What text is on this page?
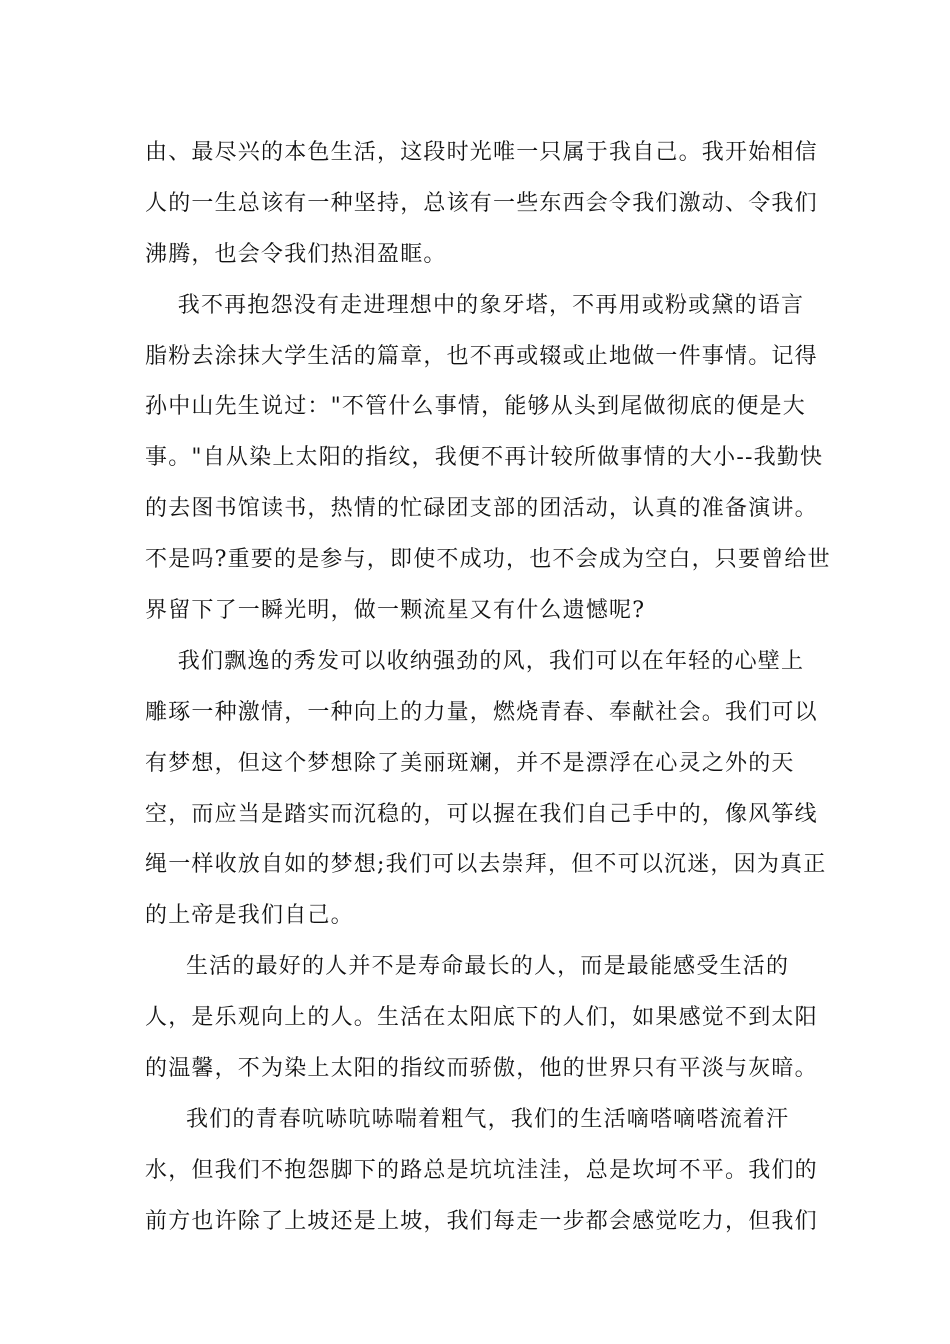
由、最尽兴的本色生活，这段时光唯一只属于我自己。我开始相信
人的一生总该有一种坚持，总该有一些东西会令我们激动、令我们
沸腾，也会令我们热泪盈眶。
我不再抱怨没有走进理想中的象牙塔，不再用或粉或黛的语言
脂粉去涂抹大学生活的篇章，也不再或辍或止地做一件事情。记得
孙中山先生说过："不管什么事情，能够从头到尾做彻底的便是大
事。"自从染上太阳的指纹，我便不再计较所做事情的大小--我勤快
的去图书馆读书，热情的忙碌团支部的团活动，认真的准备演讲。
不是吗?重要的是参与，即使不成功，也不会成为空白，只要曾给世
界留下了一瞬光明，做一颗流星又有什么遗憾呢?
我们飘逸的秀发可以收纳强劲的风，我们可以在年轻的心壁上
雕琢一种激情，一种向上的力量，燃烧青春、奉献社会。我们可以
有梦想，但这个梦想除了美丽斑斓，并不是漂浮在心灵之外的天
空，而应当是踏实而沉稳的，可以握在我们自己手中的，像风筝线
绳一样收放自如的梦想;我们可以去崇拜，但不可以沉迷，因为真正
的上帝是我们自己。
生活的最好的人并不是寿命最长的人，而是最能感受生活的
人，是乐观向上的人。生活在太阳底下的人们，如果感觉不到太阳
的温馨，不为染上太阳的指纹而骄傲，他的世界只有平淡与灰暗。
我们的青春吭哧吭哧喘着粗气，我们的生活嘀嗒嘀嗒流着汗
水，但我们不抱怨脚下的路总是坑坑洼洼，总是坎坷不平。我们的
前方也许除了上坡还是上坡，我们每走一步都会感觉吃力，但我们
